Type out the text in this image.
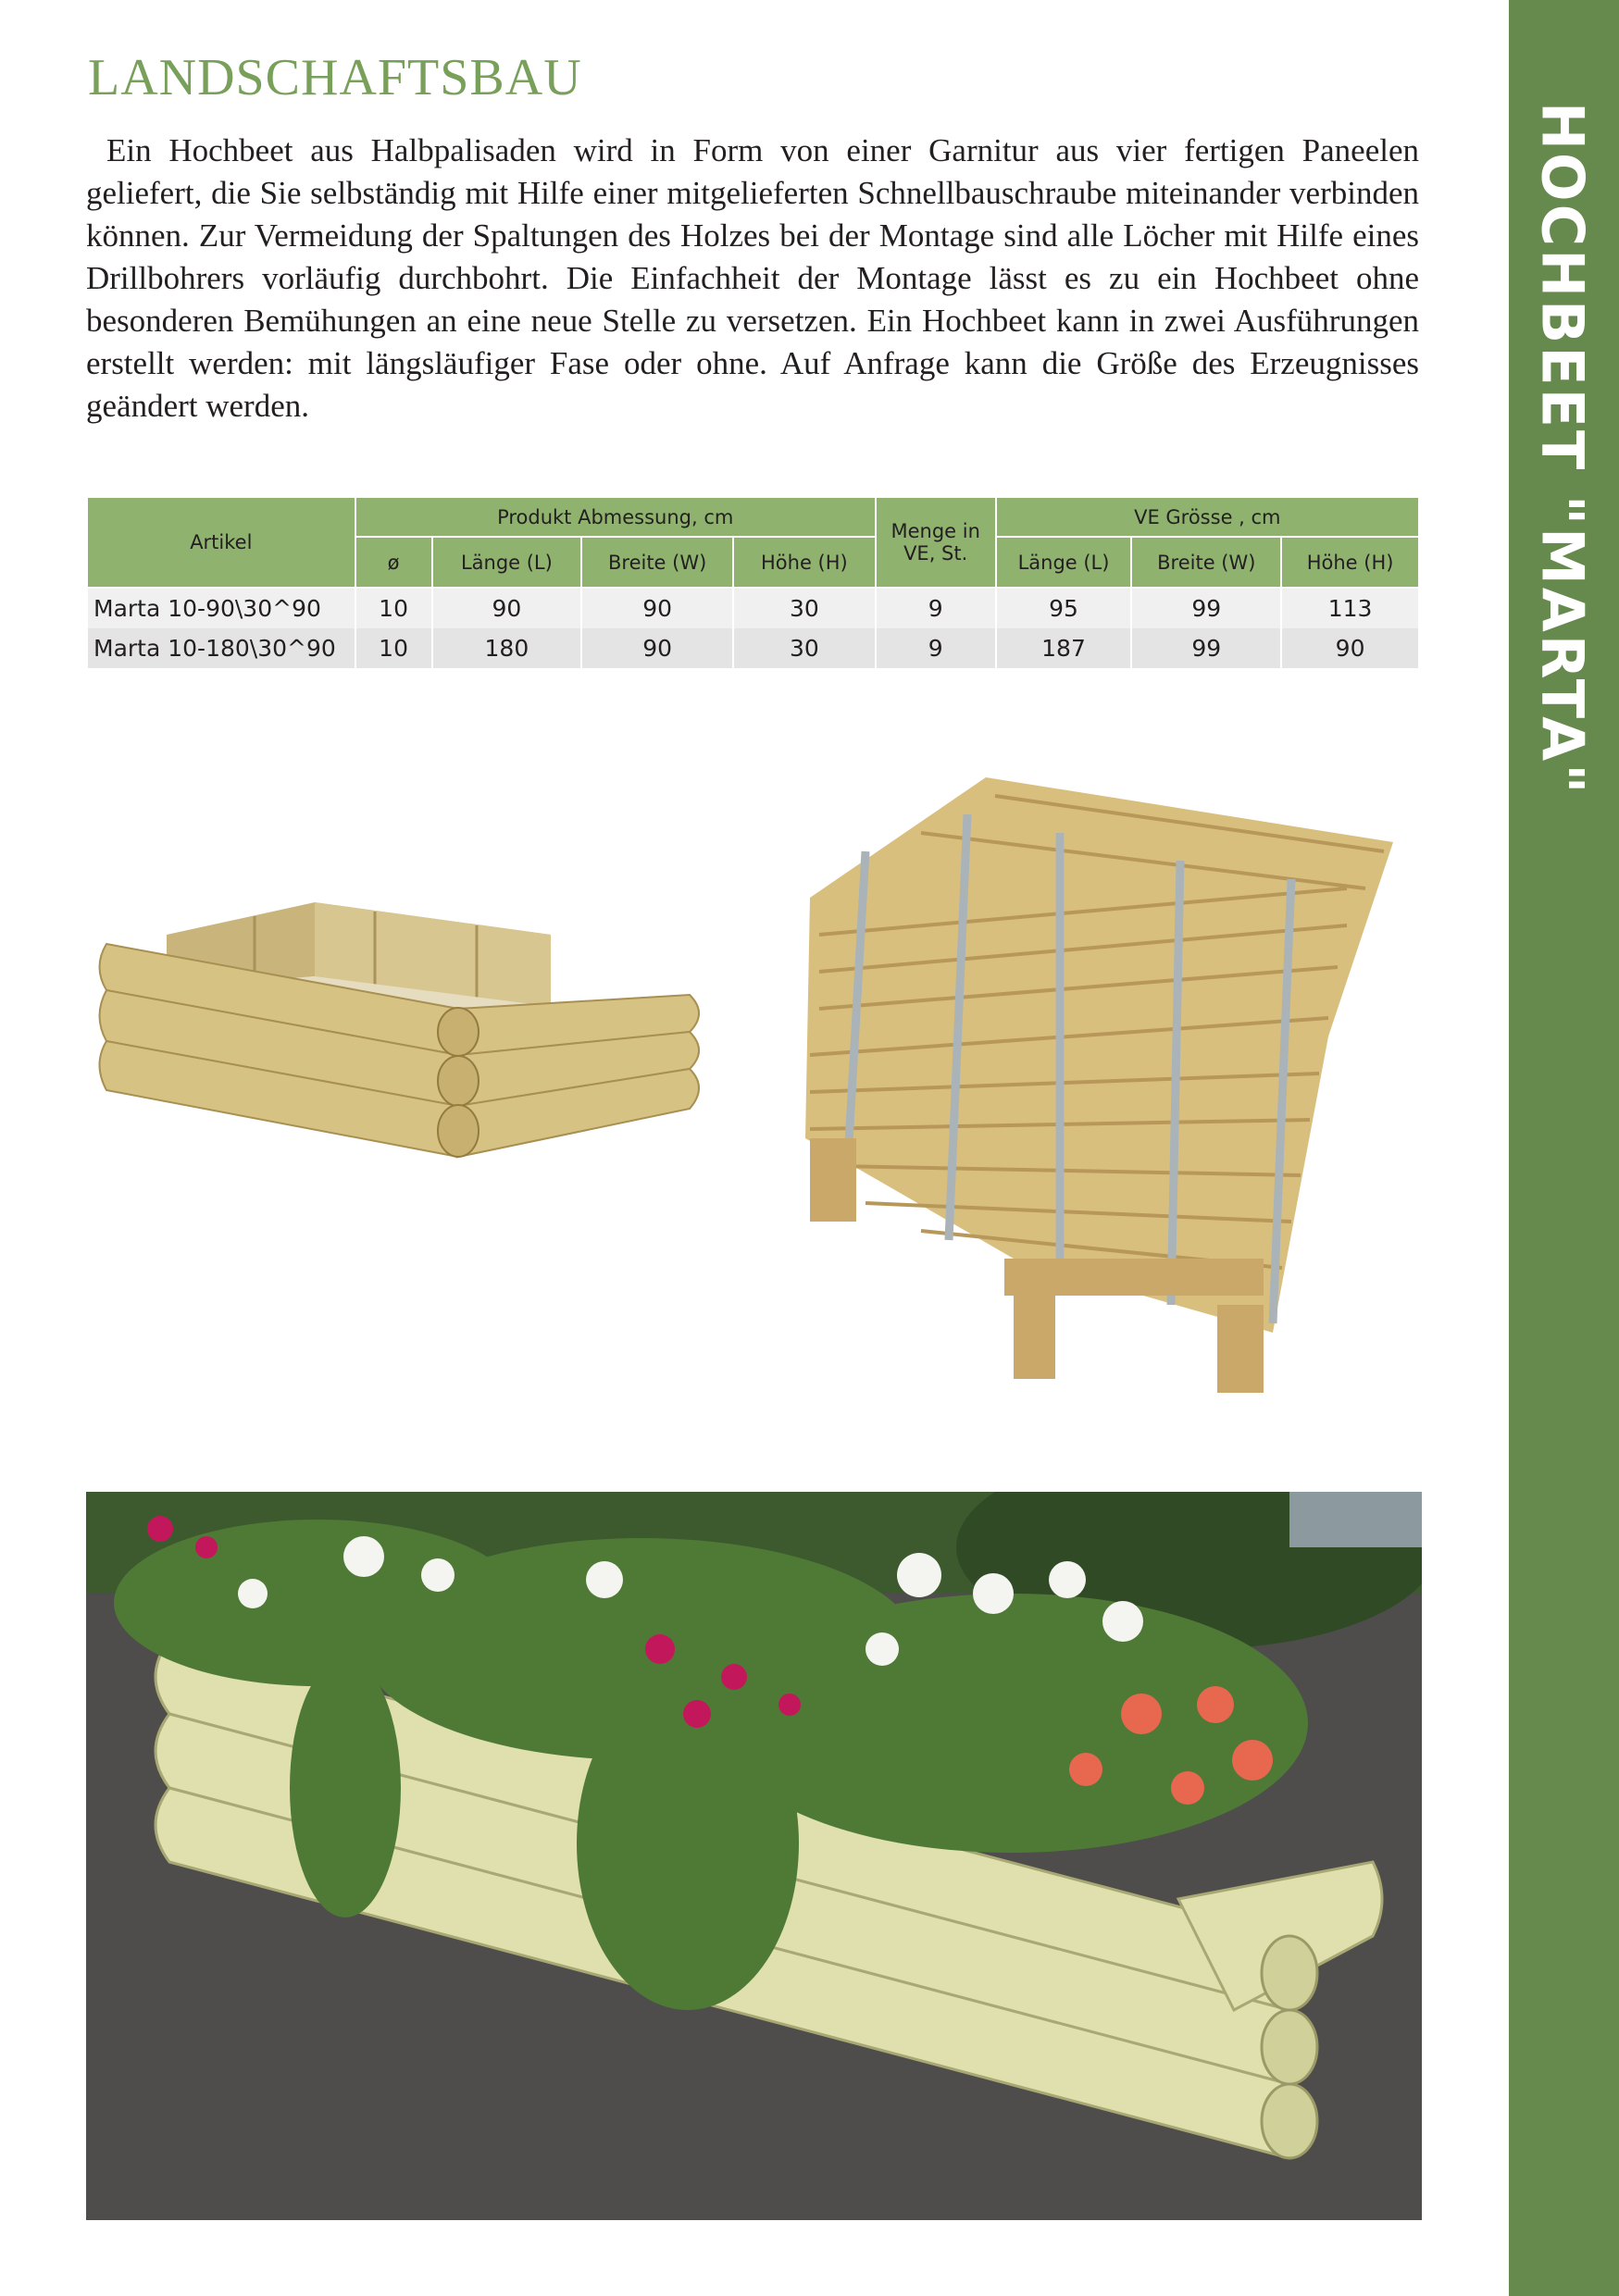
LANDSCHAFTSBAU

Ein Hochbeet aus Halbpalisaden wird in Form von einer Garnitur aus vier fertigen Paneelen geliefert, die Sie selbständig mit Hilfe einer mitgelieferten Schnellbauschraube miteinander verbinden können. Zur Vermeidung der Spaltungen des Holzes bei der Montage sind alle Löcher mit Hilfe eines Drillbohrers vorläufig durchbohrt. Die Einfachheit der Montage lässt es zu ein Hochbeet ohne besonderen Bemühungen an eine neue Stelle zu versetzen. Ein Hochbeet kann in zwei Ausführungen erstellt werden: mit längsläufiger Fase oder ohne. Auf Anfrage kann die Größe des Erzeugnisses geändert werden.	HOCHBEET "MARTA"
Artikel	Produkt Abmessung, cm				Menge in VE, St.	VE Grösse , cm		
	ø	Länge (L)	Breite (W)	Höhe (H)		Länge (L)	Breite (W)	Höhe (H)
Marta 10-90\30^90	10	90	90	30	9	95	99	113
Marta 10-180\30^90	10	180	90	30	9	187	99	90
